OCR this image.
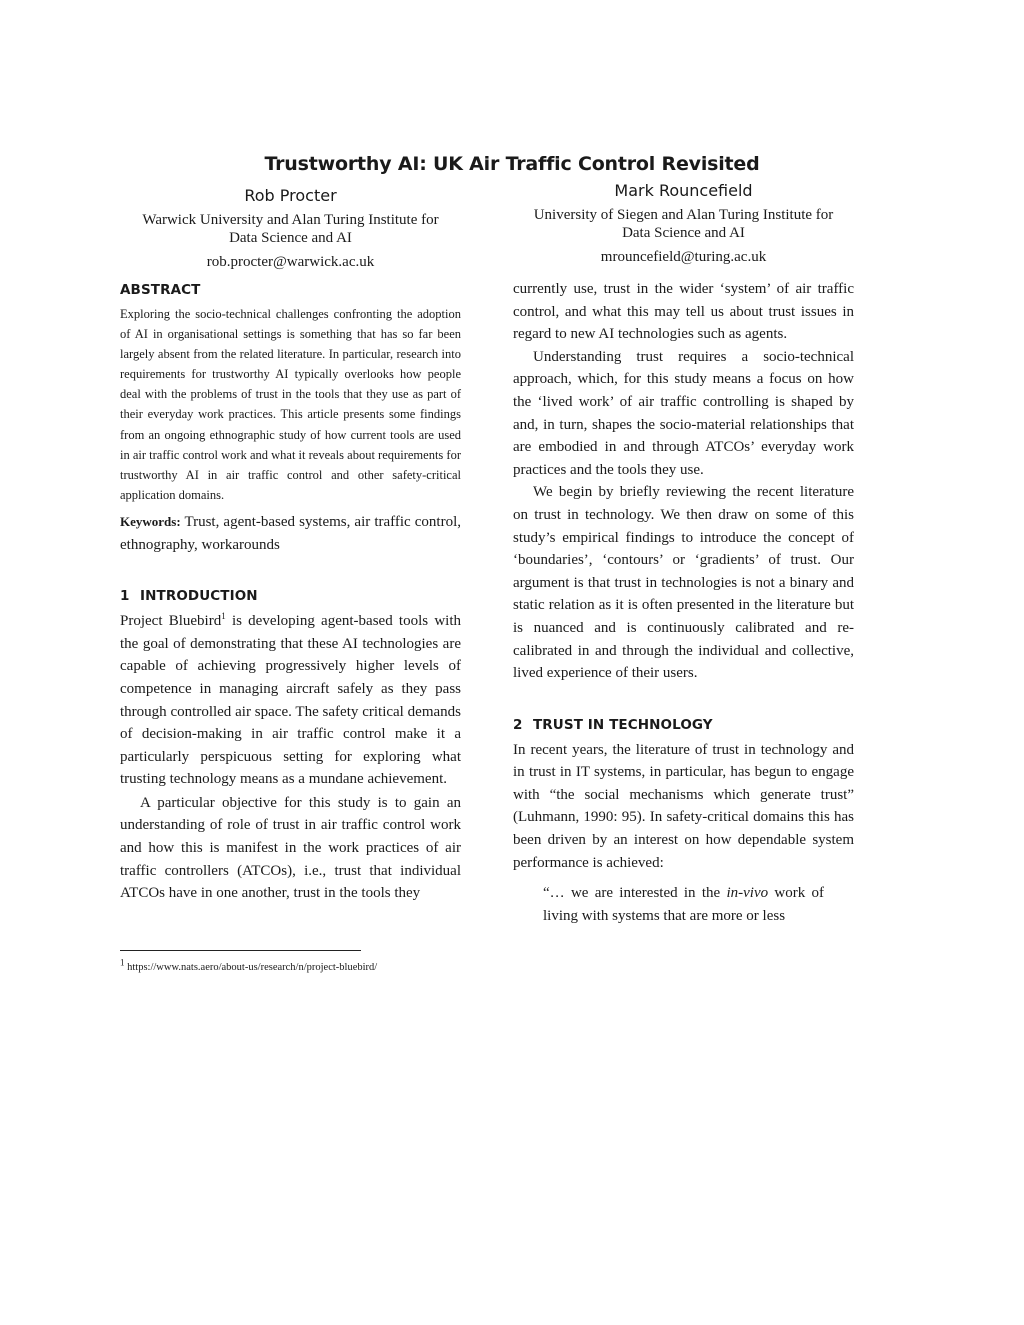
Trustworthy AI: UK Air Traffic Control Revisited
Rob Procter
Warwick University and Alan Turing Institute for
Data Science and AI
rob.procter@warwick.ac.uk
Mark Rouncefield
University of Siegen and Alan Turing Institute for
Data Science and AI
mrouncefield@turing.ac.uk
ABSTRACT
Exploring the socio-technical challenges confronting the adoption of AI in organisational settings is something that has so far been largely absent from the related literature. In particular, research into requirements for trustworthy AI typically overlooks how people deal with the problems of trust in the tools that they use as part of their everyday work practices. This article presents some findings from an ongoing ethnographic study of how current tools are used in air traffic control work and what it reveals about requirements for trustworthy AI in air traffic control and other safety-critical application domains.
Keywords: Trust, agent-based systems, air traffic control, ethnography, workarounds
1 INTRODUCTION

Project Bluebird$^1$ is developing agent-based tools with the goal of demonstrating that these AI technologies are capable of achieving progressively higher levels of competence in managing aircraft safely as they pass through controlled air space. The safety critical demands of decision-making in air traffic control make it a particularly perspicuous setting for exploring what trusting technology means as a mundane achievement.

A particular objective for this study is to gain an understanding of role of trust in air traffic control work and how this is manifest in the work practices of air traffic controllers (ATCOs), i.e., trust that individual ATCOs have in one another, trust in the tools they

currently use, trust in the wider ‘system’ of air traffic control, and what this may tell us about trust issues in regard to new AI technologies such as agents.

Understanding trust requires a socio-technical approach, which, for this study means a focus on how the ‘lived work’ of air traffic controlling is shaped by and, in turn, shapes the socio-material relationships that are embodied in and through ATCOs’ everyday work practices and the tools they use.

We begin by briefly reviewing the recent literature on trust in technology. We then draw on some of this study’s empirical findings to introduce the concept of ‘boundaries’, ‘contours’ or ‘gradients’ of trust. Our argument is that trust in technologies is not a binary and static relation as it is often presented in the literature but is nuanced and is continuously calibrated and re-calibrated in and through the individual and collective, lived experience of their users.

2 TRUST IN TECHNOLOGY

In recent years, the literature of trust in technology and in trust in IT systems, in particular, has begun to engage with “the social mechanisms which generate trust” (Luhmann, 1990: 95). In safety-critical domains this has been driven by an interest on how dependable system performance is achieved:

“… we are interested in the in-vivo work of living with systems that are more or less
$^1$ https://www.nats.aero/about-us/research/n/project-bluebird/
